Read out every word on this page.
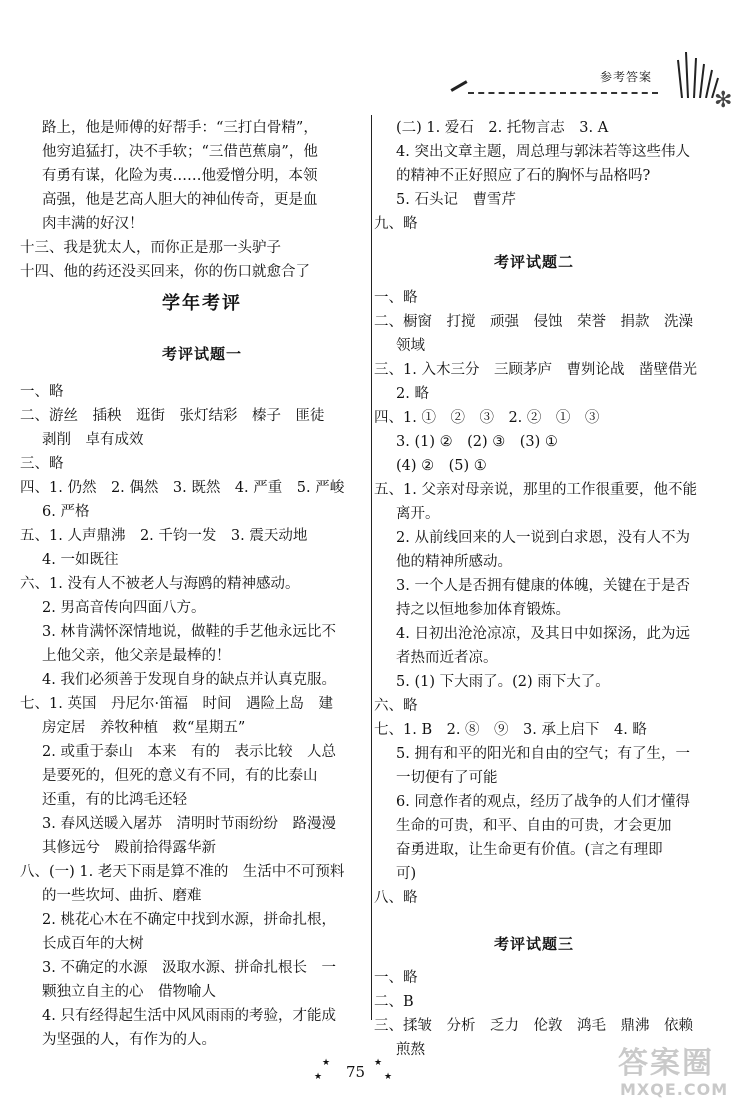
参考答案
✻
路上，他是师傅的好帮手：“三打白骨精”，
他穷追猛打，决不手软；“三借芭蕉扇”，他
有勇有谋，化险为夷……他爱憎分明，本领
高强，他是艺高人胆大的神仙传奇，更是血
肉丰满的好汉！
十三、我是犹太人，而你正是那一头驴子
十四、他的药还没买回来，你的伤口就愈合了
学年考评
考评试题一
一、略
二、游丝　插秧　逛街　张灯结彩　榛子　匪徒
剥削　卓有成效
三、略
四、1. 仍然　2. 偶然　3. 既然　4. 严重　5. 严峻
6. 严格
五、1. 人声鼎沸　2. 千钧一发　3. 震天动地
4. 一如既往
六、1. 没有人不被老人与海鸥的精神感动。
2. 男高音传向四面八方。
3. 林肯满怀深情地说，做鞋的手艺他永远比不
上他父亲，他父亲是最棒的！
4. 我们必须善于发现自身的缺点并认真克服。
七、1. 英国　丹尼尔·笛福　时间　遇险上岛　建
房定居　养牧种植　救“星期五”
2. 或重于泰山　本来　有的　表示比较　人总
是要死的，但死的意义有不同，有的比泰山
还重，有的比鸿毛还轻
3. 春风送暖入屠苏　清明时节雨纷纷　路漫漫
其修远兮　殿前拾得露华新
八、(一) 1. 老天下雨是算不准的　生活中不可预料
的一些坎坷、曲折、磨难
2. 桃花心木在不确定中找到水源，拼命扎根，
长成百年的大树
3. 不确定的水源　汲取水源、拼命扎根长　一
颗独立自主的心　借物喻人
4. 只有经得起生活中风风雨雨的考验，才能成
为坚强的人，有作为的人。
(二) 1. 爱石　2. 托物言志　3. A
4. 突出文章主题，周总理与郭沫若等这些伟人
的精神不正好照应了石的胸怀与品格吗?
5. 石头记　曹雪芹
九、略
考评试题二
一、略
二、橱窗　打搅　顽强　侵蚀　荣誉　捐款　洗澡
领域
三、1. 入木三分　三顾茅庐　曹刿论战　凿壁借光
2. 略
四、1. ①　②　③　2. ②　①　③
3. (1) ②　(2) ③　(3) ①
(4) ②　(5) ①
五、1. 父亲对母亲说，那里的工作很重要，他不能
离开。
2. 从前线回来的人一说到白求恩，没有人不为
他的精神所感动。
3. 一个人是否拥有健康的体魄，关键在于是否
持之以恒地参加体育锻炼。
4. 日初出沧沧凉凉，及其日中如探汤，此为远
者热而近者凉。
5. (1) 下大雨了。(2) 雨下大了。
六、略
七、1. B　2. ⑧　⑨　3. 承上启下　4. 略
5. 拥有和平的阳光和自由的空气；有了生，一
一切便有了可能
6. 同意作者的观点，经历了战争的人们才懂得
生命的可贵，和平、自由的可贵，才会更加
奋勇进取，让生命更有价值。(言之有理即
可)
八、略
考评试题三
一、略
二、B
三、揉皱　分析　乏力　伦敦　鸿毛　鼎沸　依赖
煎熬
★
★
★
★
75	答案圈
MXQE.COM
